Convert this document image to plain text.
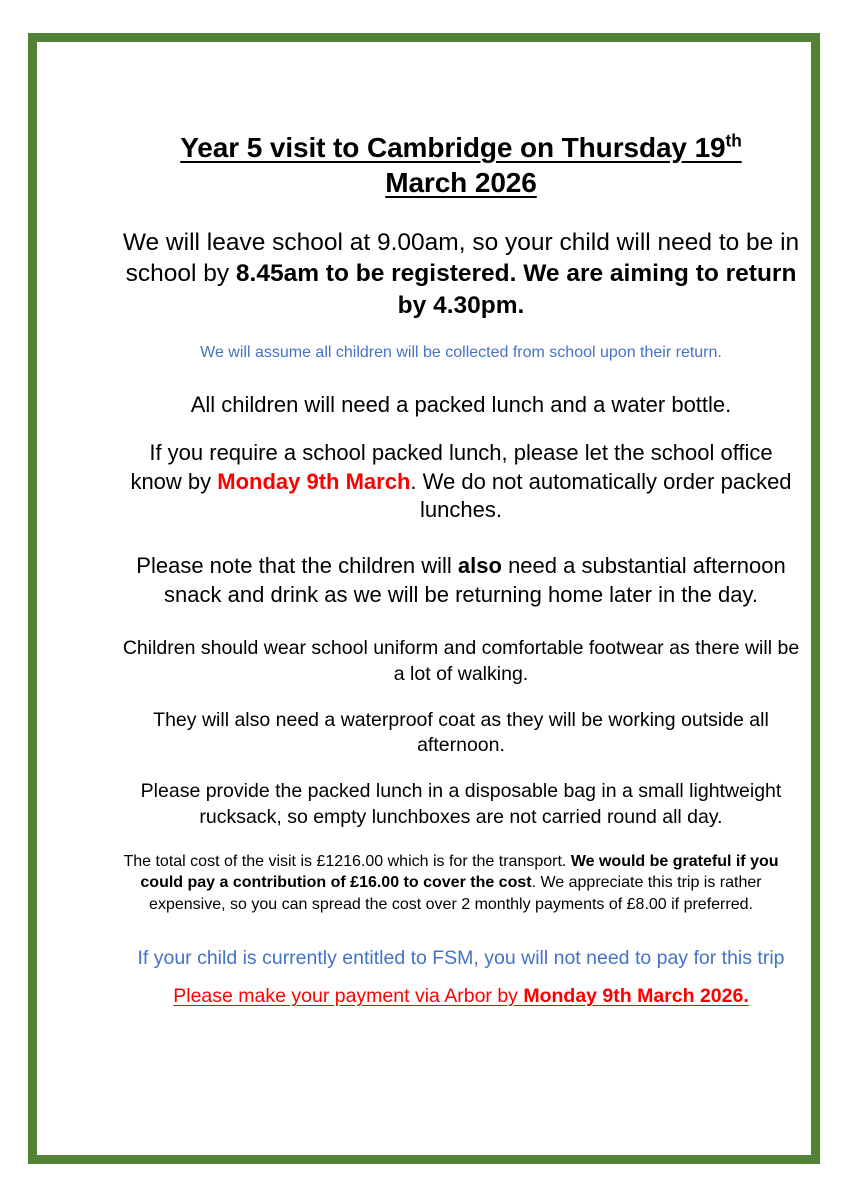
Year 5 visit to Cambridge on Thursday 19th
March 2026

We will leave school at 9.00am, so your child will need to be in school by 8.45am to be registered. We are aiming to return by 4.30pm.

We will assume all children will be collected from school upon their return.

All children will need a packed lunch and a water bottle.

If you require a school packed lunch, please let the school office know by Monday 9th March. We do not automatically order packed lunches.

Please note that the children will also need a substantial afternoon snack and drink as we will be returning home later in the day.

Children should wear school uniform and comfortable footwear as there will be a lot of walking.

They will also need a waterproof coat as they will be working outside all afternoon.

Please provide the packed lunch in a disposable bag in a small lightweight rucksack, so empty lunchboxes are not carried round all day.

The total cost of the visit is £1216.00 which is for the transport. We would be grateful if you could pay a contribution of £16.00 to cover the cost. We appreciate this trip is rather expensive, so you can spread the cost over 2 monthly payments of £8.00 if preferred.

If your child is currently entitled to FSM, you will not need to pay for this trip

Please make your payment via Arbor by Monday 9th March 2026.
